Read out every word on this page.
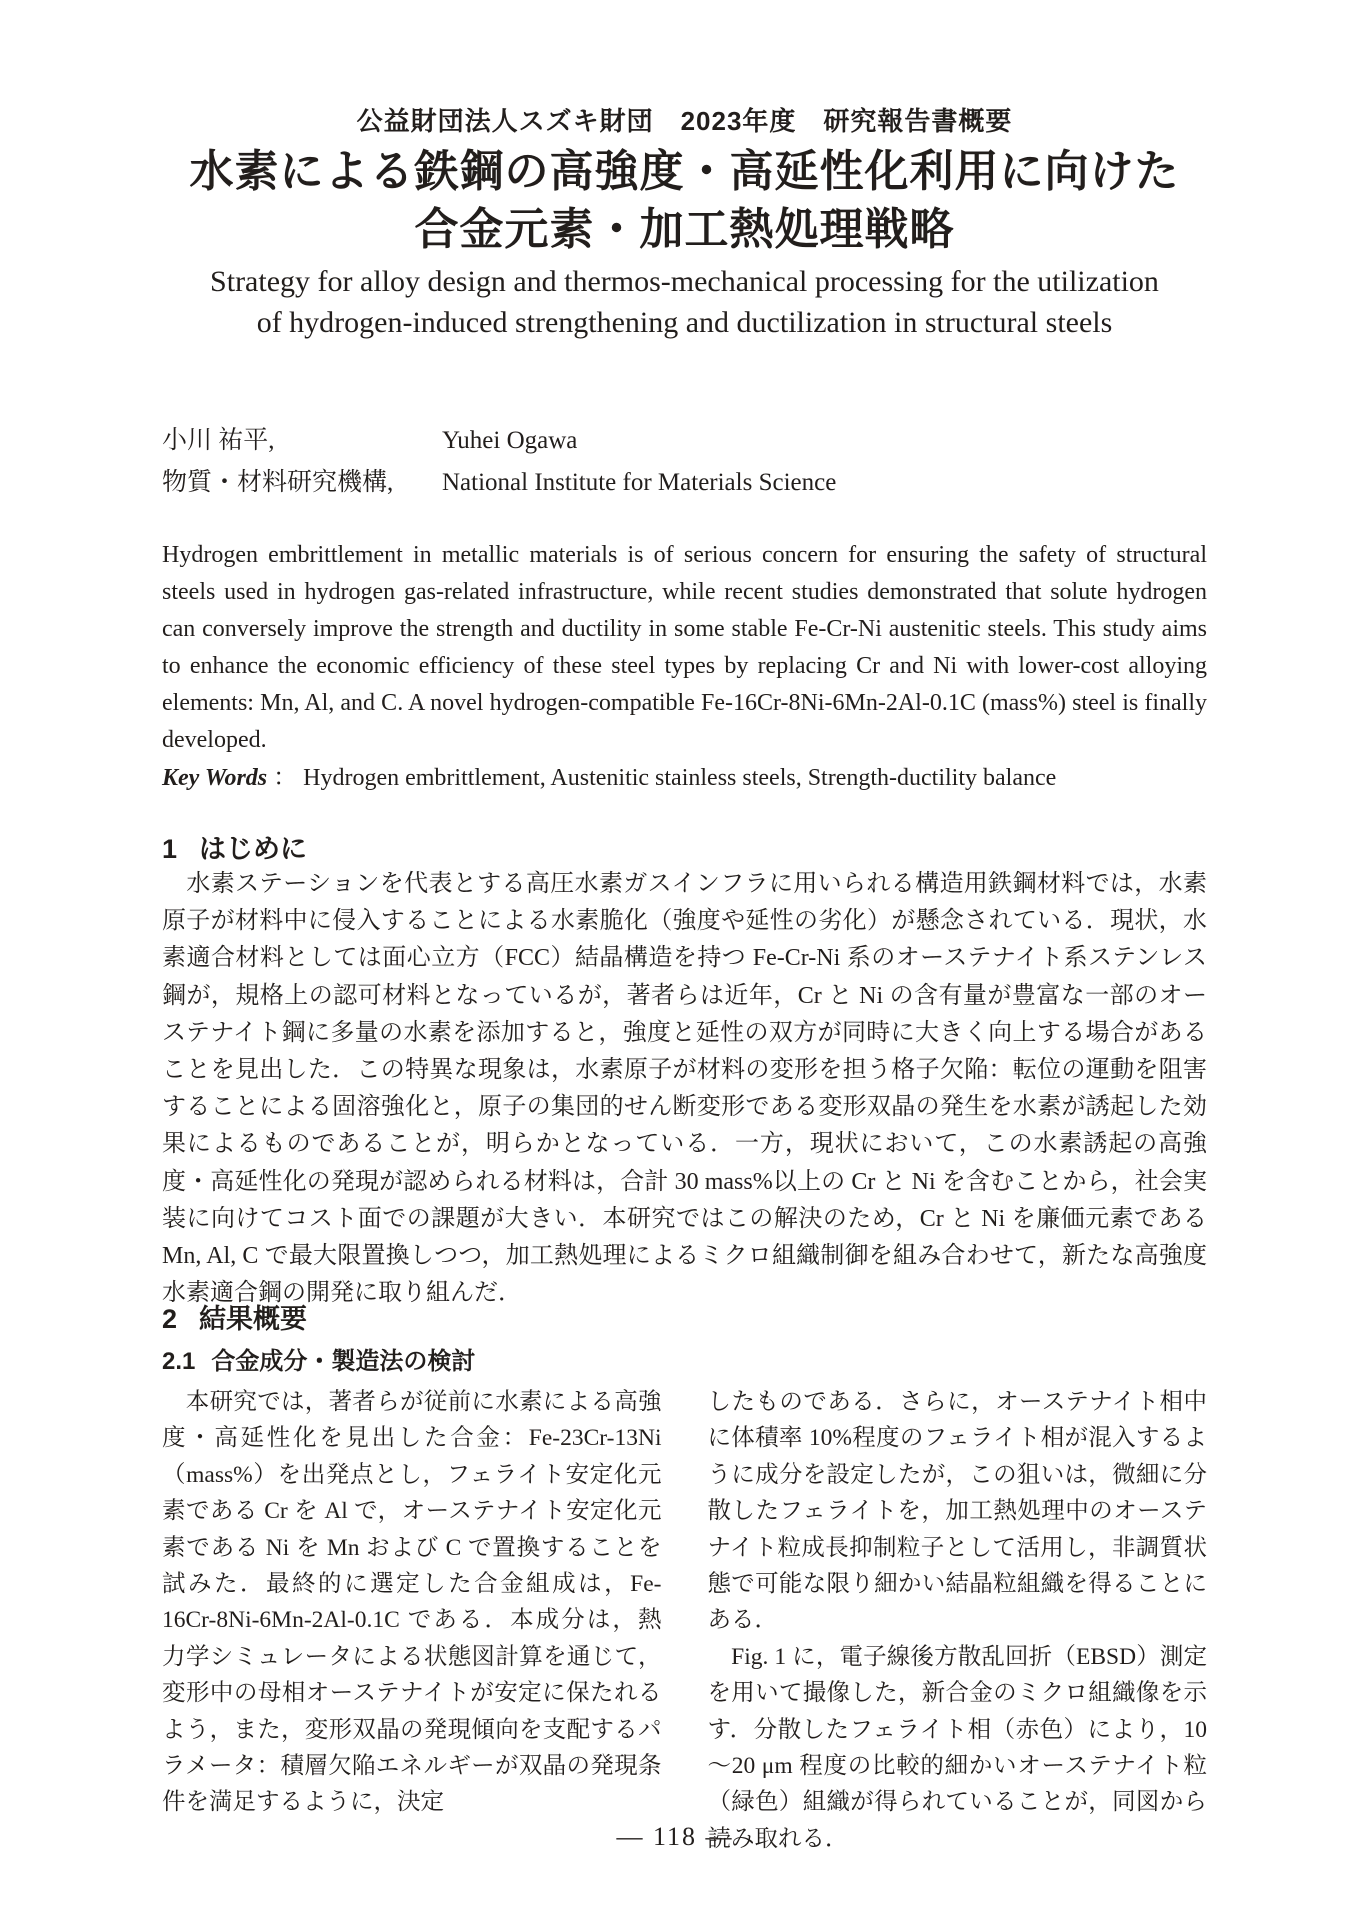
公益財団法人スズキ財団　2023年度　研究報告書概要
水素による鉄鋼の高強度・高延性化利用に向けた
合金元素・加工熱処理戦略
Strategy for alloy design and thermos-mechanical processing for the utilization
of hydrogen-induced strengthening and ductilization in structural steels
小川 祐平,	Yuhei Ogawa
物質・材料研究機構,	National Institute for Materials Science
Hydrogen embrittlement in metallic materials is of serious concern for ensuring the safety of structural steels used in hydrogen gas-related infrastructure, while recent studies demonstrated that solute hydrogen can conversely improve the strength and ductility in some stable Fe-Cr-Ni austenitic steels. This study aims to enhance the economic efficiency of these steel types by replacing Cr and Ni with lower-cost alloying elements: Mn, Al, and C. A novel hydrogen-compatible Fe-16Cr-8Ni-6Mn-2Al-0.1C (mass%) steel is finally developed.
Key Words ： Hydrogen embrittlement, Austenitic stainless steels, Strength-ductility balance
1 はじめに
　水素ステーションを代表とする高圧水素ガスインフラに用いられる構造用鉄鋼材料では，水素原子が材料中に侵入することによる水素脆化（強度や延性の劣化）が懸念されている．現状，水素適合材料としては面心立方（FCC）結晶構造を持つ Fe-Cr-Ni 系のオーステナイト系ステンレス鋼が，規格上の認可材料となっているが，著者らは近年，Cr と Ni の含有量が豊富な一部のオーステナイト鋼に多量の水素を添加すると，強度と延性の双方が同時に大きく向上する場合があることを見出した．この特異な現象は，水素原子が材料の変形を担う格子欠陥：転位の運動を阻害することによる固溶強化と，原子の集団的せん断変形である変形双晶の発生を水素が誘起した効果によるものであることが，明らかとなっている．一方，現状において，この水素誘起の高強度・高延性化の発現が認められる材料は，合計 30 mass%以上の Cr と Ni を含むことから，社会実装に向けてコスト面での課題が大きい．本研究ではこの解決のため，Cr と Ni を廉価元素である Mn, Al, C で最大限置換しつつ，加工熱処理によるミクロ組織制御を組み合わせて，新たな高強度水素適合鋼の開発に取り組んだ．
2 結果概要
2.1 合金成分・製造法の検討

　本研究では，著者らが従前に水素による高強度・高延性化を見出した合金：Fe-23Cr-13Ni（mass%）を出発点とし，フェライト安定化元素である Cr を Al で，オーステナイト安定化元素である Ni を Mn および C で置換することを試みた．最終的に選定した合金組成は，Fe-16Cr-8Ni-6Mn-2Al-0.1C である．本成分は，熱力学シミュレータによる状態図計算を通じて，変形中の母相オーステナイトが安定に保たれるよう，また，変形双晶の発現傾向を支配するパラメータ：積層欠陥エネルギーが双晶の発現条件を満足するように，決定

したものである．さらに，オーステナイト相中に体積率 10%程度のフェライト相が混入するように成分を設定したが，この狙いは，微細に分散したフェライトを，加工熱処理中のオーステナイト粒成長抑制粒子として活用し，非調質状態で可能な限り細かい結晶粒組織を得ることにある．

　Fig. 1 に，電子線後方散乱回折（EBSD）測定を用いて撮像した，新合金のミクロ組織像を示す．分散したフェライト相（赤色）により，10～20 μm 程度の比較的細かいオーステナイト粒（緑色）組織が得られていることが，同図から読み取れる．

― 118 ―
